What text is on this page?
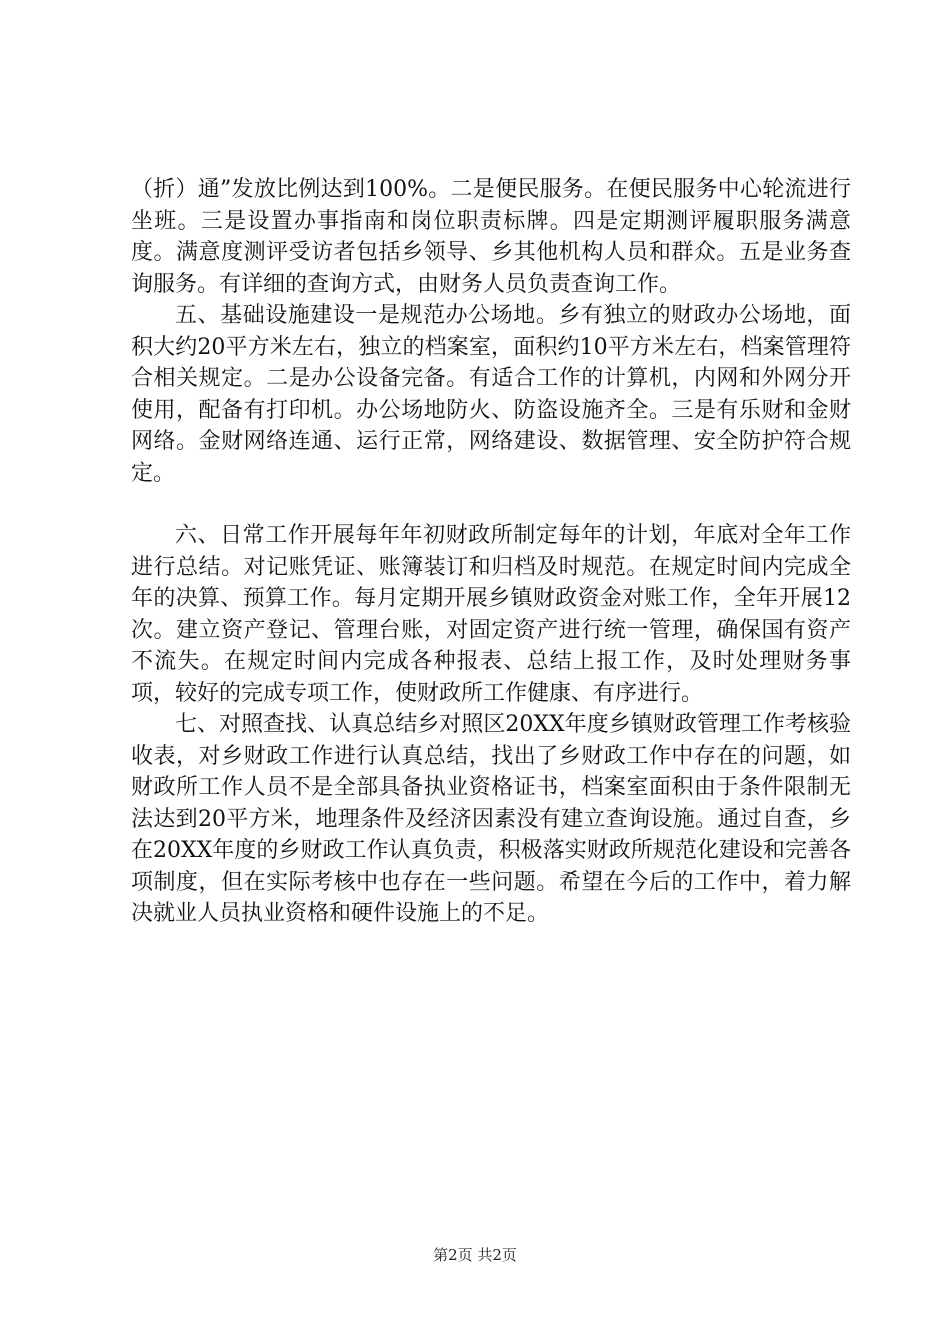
（折）通”发放比例达到100%。二是便民服务。在便民服务中心轮流进行坐班。三是设置办事指南和岗位职责标牌。四是定期测评履职服务满意度。满意度测评受访者包括乡领导、乡其他机构人员和群众。五是业务查询服务。有详细的查询方式，由财务人员负责查询工作。

五、基础设施建设一是规范办公场地。乡有独立的财政办公场地，面积大约20平方米左右，独立的档案室，面积约10平方米左右，档案管理符合相关规定。二是办公设备完备。有适合工作的计算机，内网和外网分开使用，配备有打印机。办公场地防火、防盗设施齐全。三是有乐财和金财网络。金财网络连通、运行正常，网络建设、数据管理、安全防护符合规定。

六、日常工作开展每年年初财政所制定每年的计划，年底对全年工作进行总结。对记账凭证、账簿装订和归档及时规范。在规定时间内完成全年的决算、预算工作。每月定期开展乡镇财政资金对账工作，全年开展12次。建立资产登记、管理台账，对固定资产进行统一管理，确保国有资产不流失。在规定时间内完成各种报表、总结上报工作，及时处理财务事项，较好的完成专项工作，使财政所工作健康、有序进行。

七、对照查找、认真总结乡对照区20XX年度乡镇财政管理工作考核验收表，对乡财政工作进行认真总结，找出了乡财政工作中存在的问题，如财政所工作人员不是全部具备执业资格证书，档案室面积由于条件限制无法达到20平方米，地理条件及经济因素没有建立查询设施。通过自查，乡在20XX年度的乡财政工作认真负责，积极落实财政所规范化建设和完善各项制度，但在实际考核中也存在一些问题。希望在今后的工作中，着力解决就业人员执业资格和硬件设施上的不足。

第2页 共2页
